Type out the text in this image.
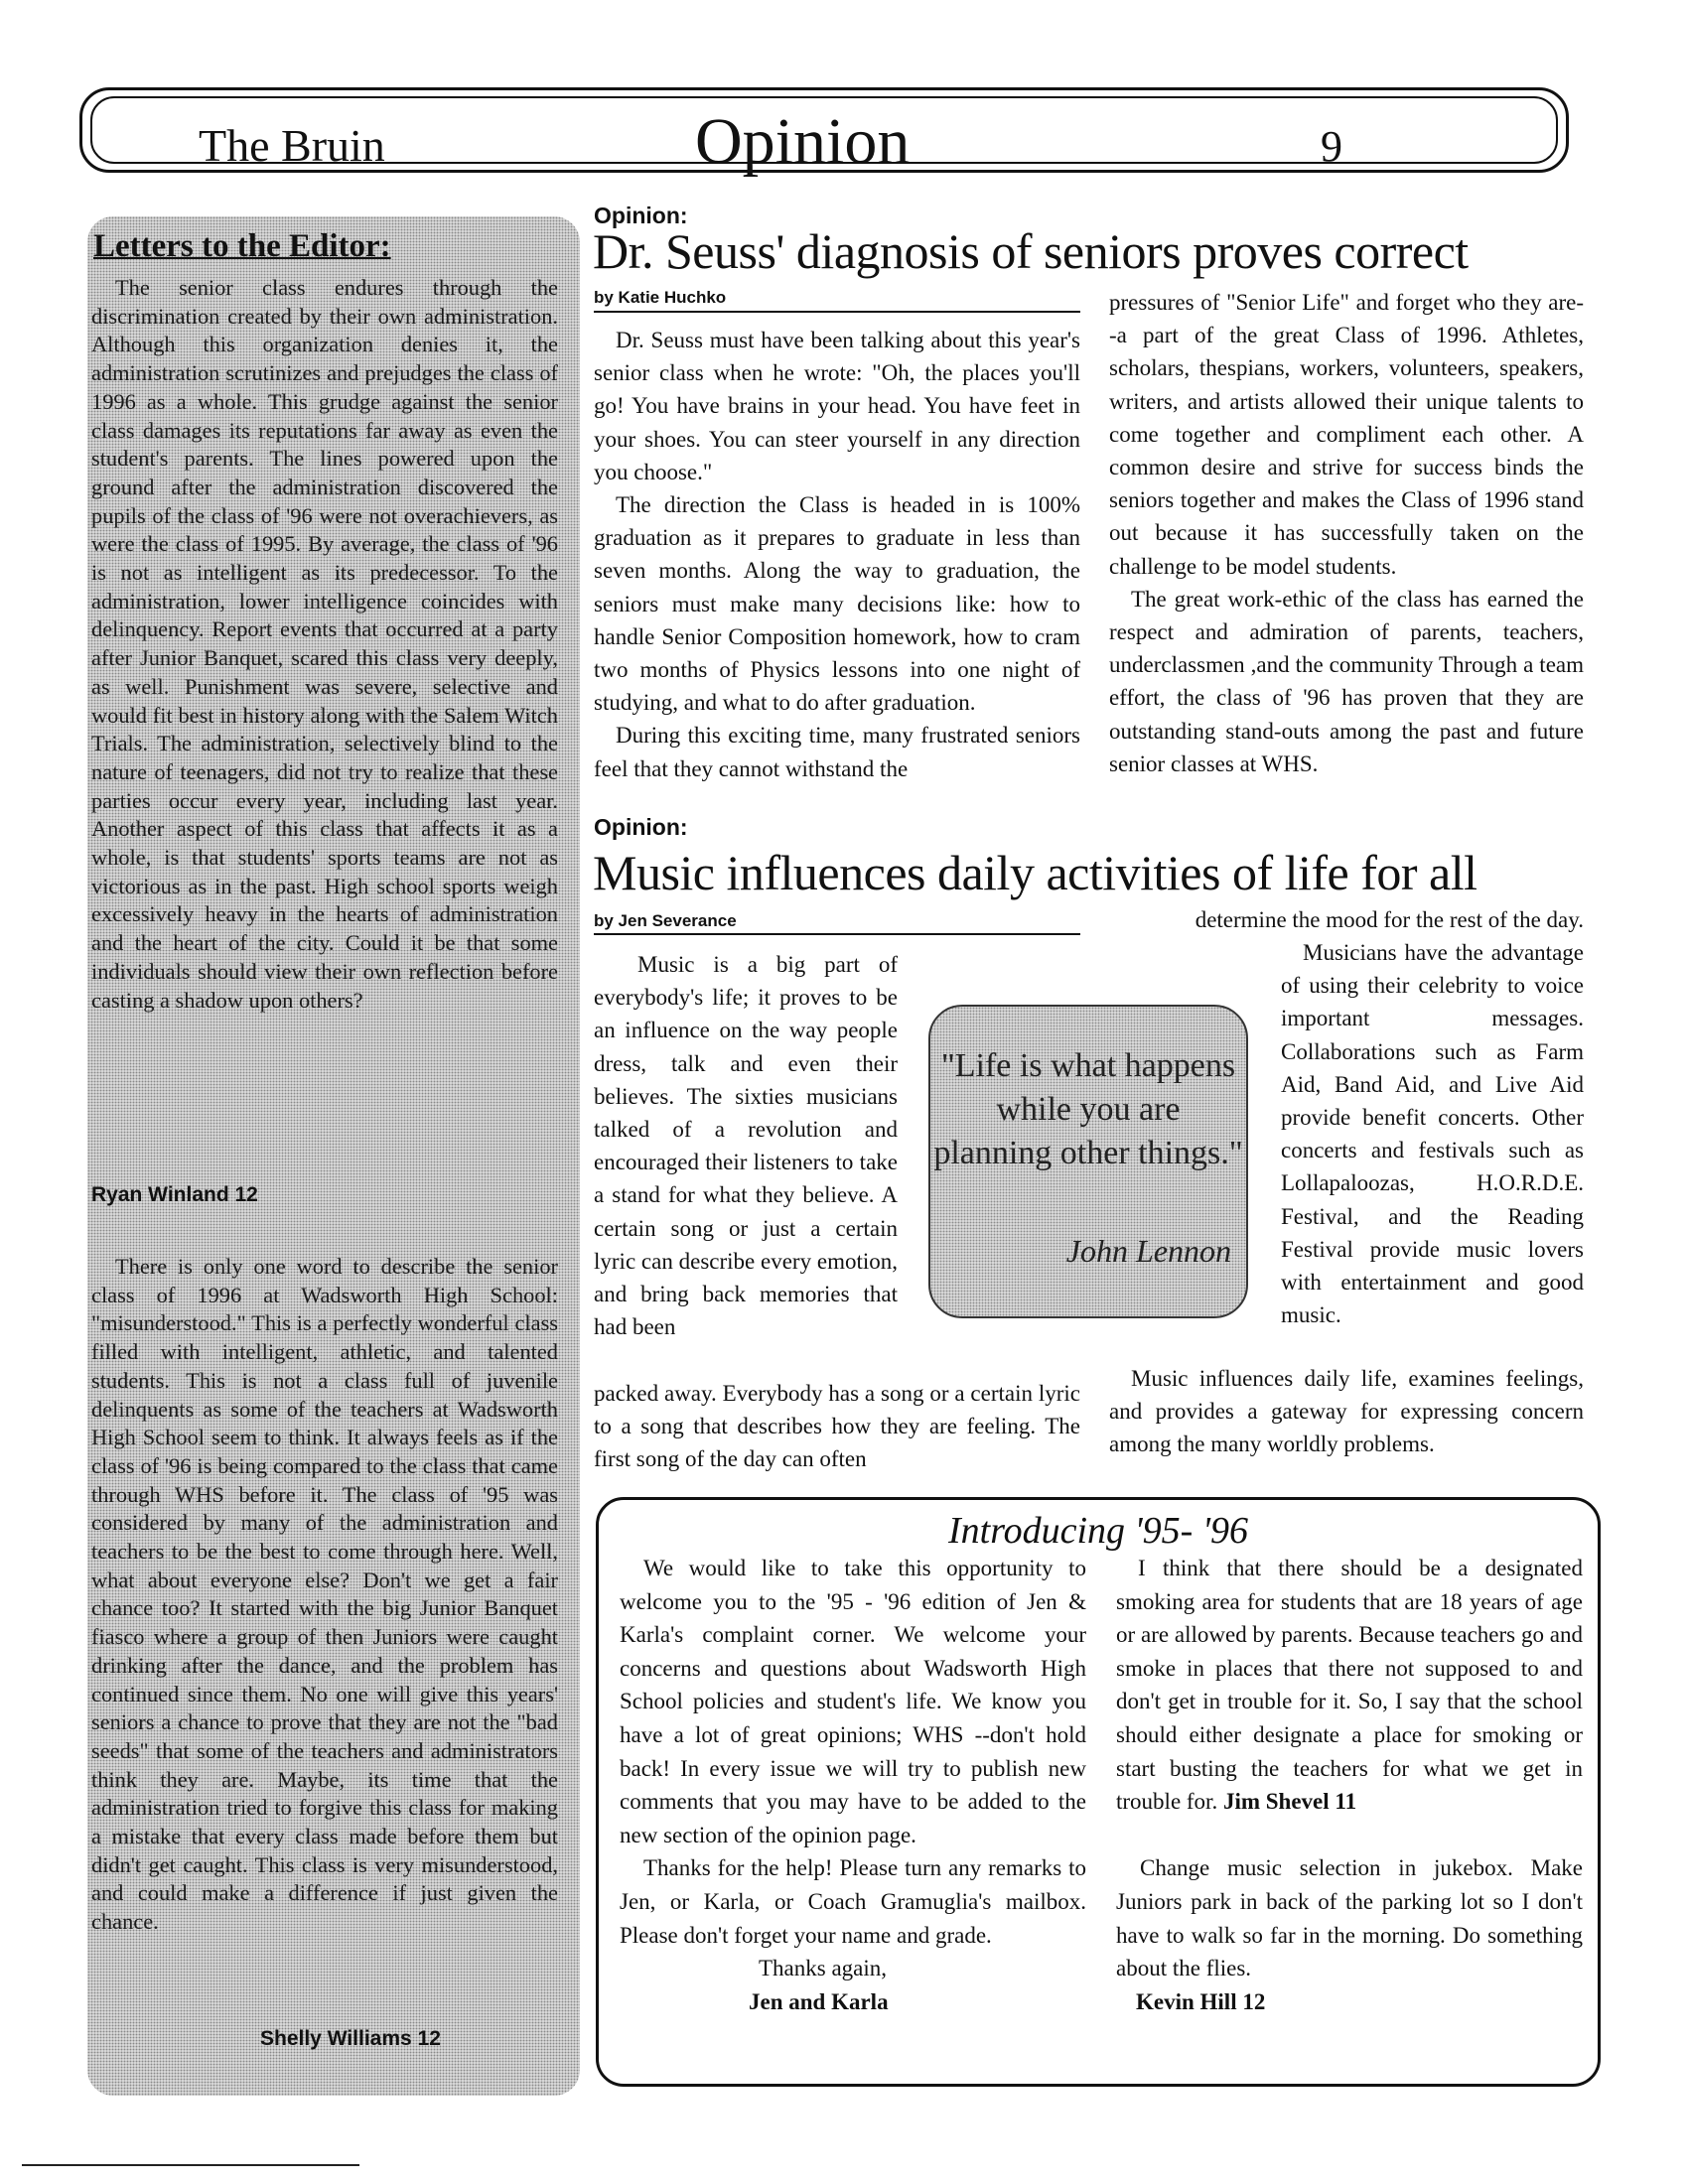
The Bruin	Opinion	9
Letters to the Editor:

The senior class endures through the discrimination created by their own administration. Although this organization denies it, the administration scrutinizes and prejudges the class of 1996 as a whole. This grudge against the senior class damages its reputations far away as even the student's parents. The lines powered upon the ground after the administration discovered the pupils of the class of '96 were not overachievers, as were the class of 1995. By average, the class of '96 is not as intelligent as its predecessor. To the administration, lower intelligence coincides with delinquency. Report events that occurred at a party after Junior Banquet, scared this class very deeply, as well. Punishment was severe, selective and would fit best in history along with the Salem Witch Trials. The administration, selectively blind to the nature of teenagers, did not try to realize that these parties occur every year, including last year. Another aspect of this class that affects it as a whole, is that students' sports teams are not as victorious as in the past. High school sports weigh excessively heavy in the hearts of administration and the heart of the city. Could it be that some individuals should view their own reflection before casting a shadow upon others?

Ryan Winland 12

There is only one word to describe the senior class of 1996 at Wadsworth High School: "misunderstood." This is a perfectly wonderful class filled with intelligent, athletic, and talented students. This is not a class full of juvenile delinquents as some of the teachers at Wadsworth High School seem to think. It always feels as if the class of '96 is being compared to the class that came through WHS before it. The class of '95 was considered by many of the administration and teachers to be the best to come through here. Well, what about everyone else? Don't we get a fair chance too? It started with the big Junior Banquet fiasco where a group of then Juniors were caught drinking after the dance, and the problem has continued since them. No one will give this years' seniors a chance to prove that they are not the "bad seeds" that some of the teachers and administrators think they are. Maybe, its time that the administration tried to forgive this class for making a mistake that every class made before them but didn't get caught. This class is very misunderstood, and could make a difference if just given the chance.

Shelly Williams 12
Opinion:
Dr. Seuss' diagnosis of seniors proves correct
by Katie Huchko

Dr. Seuss must have been talking about this year's senior class when he wrote: "Oh, the places you'll go! You have brains in your head. You have feet in your shoes. You can steer yourself in any direction you choose."

The direction the Class is headed in is 100% graduation as it prepares to graduate in less than seven months. Along the way to graduation, the seniors must make many decisions like: how to handle Senior Composition homework, how to cram two months of Physics lessons into one night of studying, and what to do after graduation.

During this exciting time, many frustrated seniors feel that they cannot withstand the

pressures of "Senior Life" and forget who they are--a part of the great Class of 1996. Athletes, scholars, thespians, workers, volunteers, speakers, writers, and artists allowed their unique talents to come together and compliment each other. A common desire and strive for success binds the seniors together and makes the Class of 1996 stand out because it has successfully taken on the challenge to be model students.

The great work-ethic of the class has earned the respect and admiration of parents, teachers, underclassmen ,and the community Through a team effort, the class of '96 has proven that they are outstanding stand-outs among the past and future senior classes at WHS.

Opinion:
Music influences daily activities of life for all
by Jen Severance

Music is a big part of everybody's life; it proves to be an influence on the way people dress, talk and even their believes. The sixties musicians talked of a revolution and encouraged their listeners to take a stand for what they believe. A certain song or just a certain lyric can describe every emotion, and bring back memories that had been

packed away. Everybody has a song or a certain lyric to a song that describes how they are feeling. The first song of the day can often

determine the mood for the rest of the day.

Musicians have the advantage of using their celebrity to voice important messages. Collaborations such as Farm Aid, Band Aid, and Live Aid provide benefit concerts. Other concerts and festivals such as Lollapaloozas, H.O.R.D.E. Festival, and the Reading Festival provide music lovers with entertainment and good music.

Music influences daily life, examines feelings, and provides a gateway for expressing concern among the many worldly problems.

"Life is what happens while you are planning other things."
John Lennon
Introducing '95- '96

We would like to take this opportunity to welcome you to the '95 - '96 edition of Jen & Karla's complaint corner. We welcome your concerns and questions about Wadsworth High School policies and student's life. We know you have a lot of great opinions; WHS --don't hold back! In every issue we will try to publish new comments that you may have to be added to the new section of the opinion page.

Thanks for the help! Please turn any remarks to Jen, or Karla, or Coach Gramuglia's mailbox. Please don't forget your name and grade.

Thanks again,
Jen and Karla

I think that there should be a designated smoking area for students that are 18 years of age or are allowed by parents. Because teachers go and smoke in places that there not supposed to and don't get in trouble for it. So, I say that the school should either designate a place for smoking or start busting the teachers for what we get in trouble for. Jim Shevel 11

Change music selection in jukebox. Make Juniors park in back of the parking lot so I don't have to walk so far in the morning. Do something about the flies.

Kevin Hill 12
